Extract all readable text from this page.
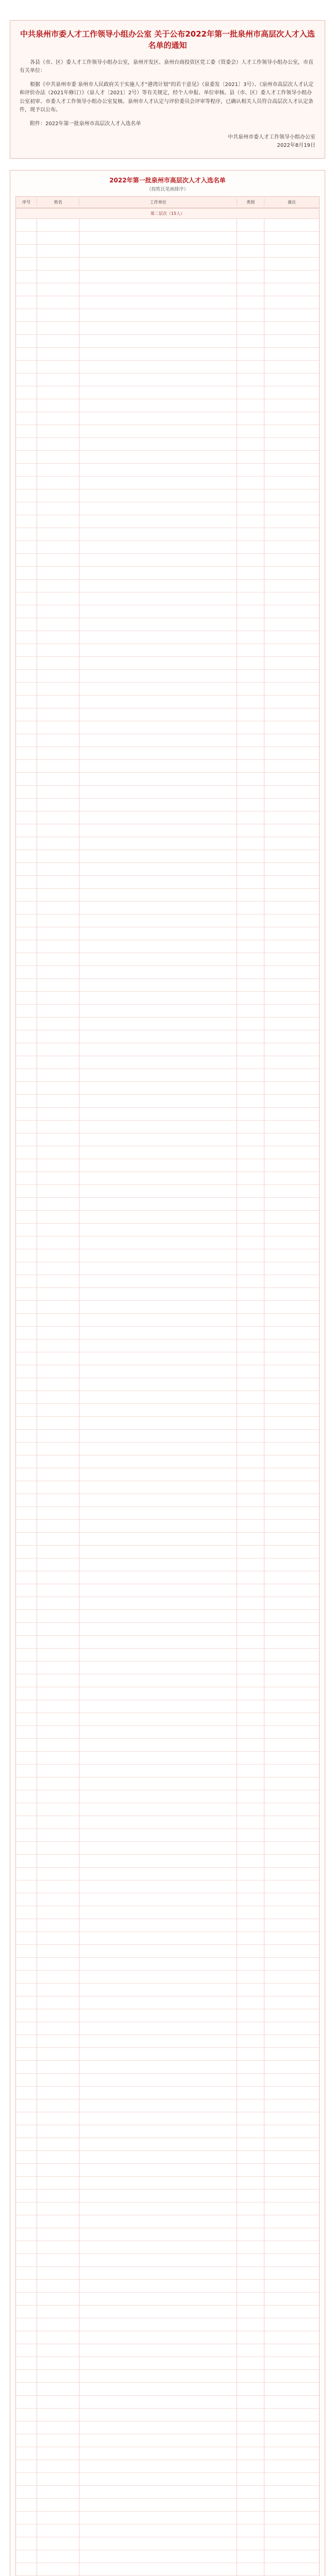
中共泉州市委人才工作领导小组办公室 关于公布2022年第一批泉州市高层次人才入选名单的通知

各县（市、区）委人才工作领导小组办公室，泉州开发区、泉州台商投资区党工委（管委会）人才工作领导小组办公室，市直有关单位：

根据《中共泉州市委 泉州市人民政府关于实施人才“港湾计划”的若干意见》（泉委发〔2021〕3号）、《泉州市高层次人才认定和评价办法（2021年修订）》（泉人才〔2021〕2号）等有关规定，经个人申报、单位审核、县（市、区）委人才工作领导小组办公室初审、市委人才工作领导小组办公室复核、泉州市人才认定与评价委员会评审等程序，已确认相关人员符合高层次人才认定条件，现予以公布。

附件：2022年第一批泉州市高层次人才入选名单

中共泉州市委人才工作领导小组办公室
2022年8月19日

2022年第一批泉州市高层次人才入选名单

（按姓氏笔画排序）

序号	姓名	工作单位	类别	备注
第二层次（15人）
